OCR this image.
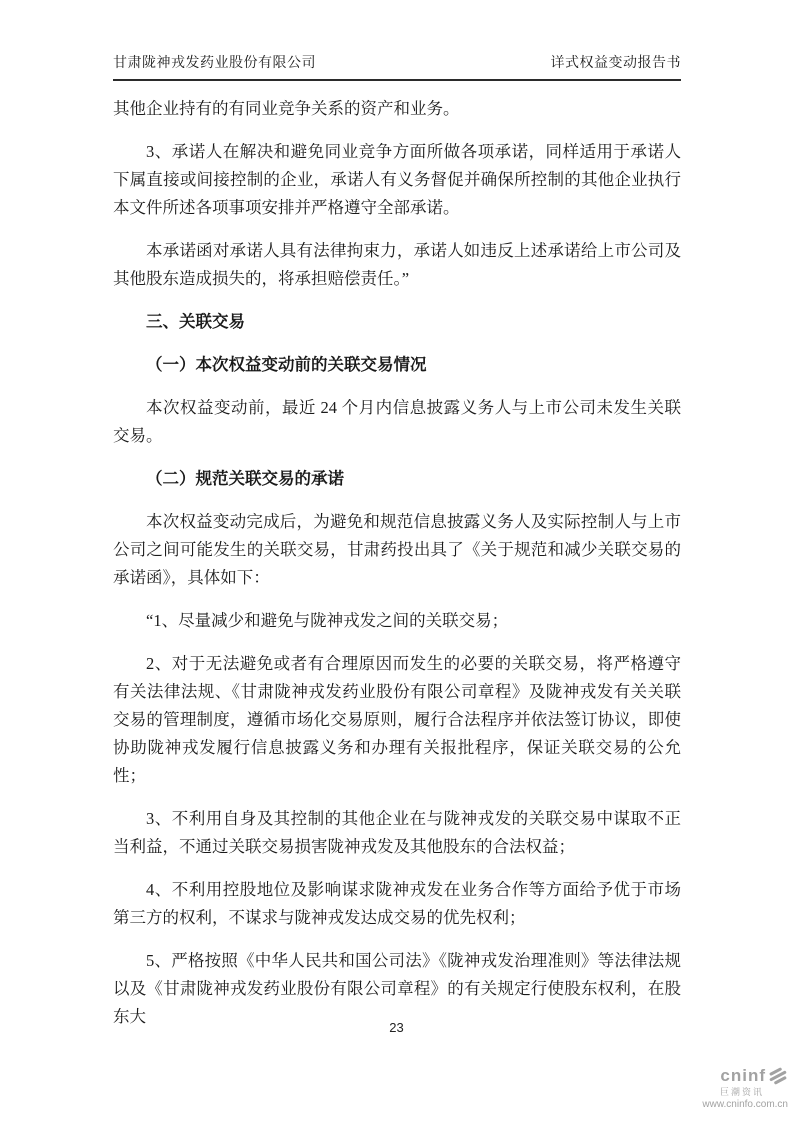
甘肃陇神戎发药业股份有限公司	详式权益变动报告书

其他企业持有的有同业竞争关系的资产和业务。

3、承诺人在解决和避免同业竞争方面所做各项承诺，同样适用于承诺人下属直接或间接控制的企业，承诺人有义务督促并确保所控制的其他企业执行本文件所述各项事项安排并严格遵守全部承诺。

本承诺函对承诺人具有法律拘束力，承诺人如违反上述承诺给上市公司及其他股东造成损失的，将承担赔偿责任。”

三、关联交易

（一）本次权益变动前的关联交易情况

本次权益变动前，最近 24 个月内信息披露义务人与上市公司未发生关联交易。

（二）规范关联交易的承诺

本次权益变动完成后，为避免和规范信息披露义务人及实际控制人与上市公司之间可能发生的关联交易，甘肃药投出具了《关于规范和减少关联交易的承诺函》，具体如下：

“1、尽量减少和避免与陇神戎发之间的关联交易；

2、对于无法避免或者有合理原因而发生的必要的关联交易，将严格遵守有关法律法规、《甘肃陇神戎发药业股份有限公司章程》及陇神戎发有关关联交易的管理制度，遵循市场化交易原则，履行合法程序并依法签订协议，即使协助陇神戎发履行信息披露义务和办理有关报批程序，保证关联交易的公允性；

3、不利用自身及其控制的其他企业在与陇神戎发的关联交易中谋取不正当利益，不通过关联交易损害陇神戎发及其他股东的合法权益；

4、不利用控股地位及影响谋求陇神戎发在业务合作等方面给予优于市场第三方的权利，不谋求与陇神戎发达成交易的优先权利；

5、严格按照《中华人民共和国公司法》《陇神戎发治理准则》等法律法规以及《甘肃陇神戎发药业股份有限公司章程》的有关规定行使股东权利，在股东大

23
cninf
巨潮资讯
www.cninfo.com.cn
